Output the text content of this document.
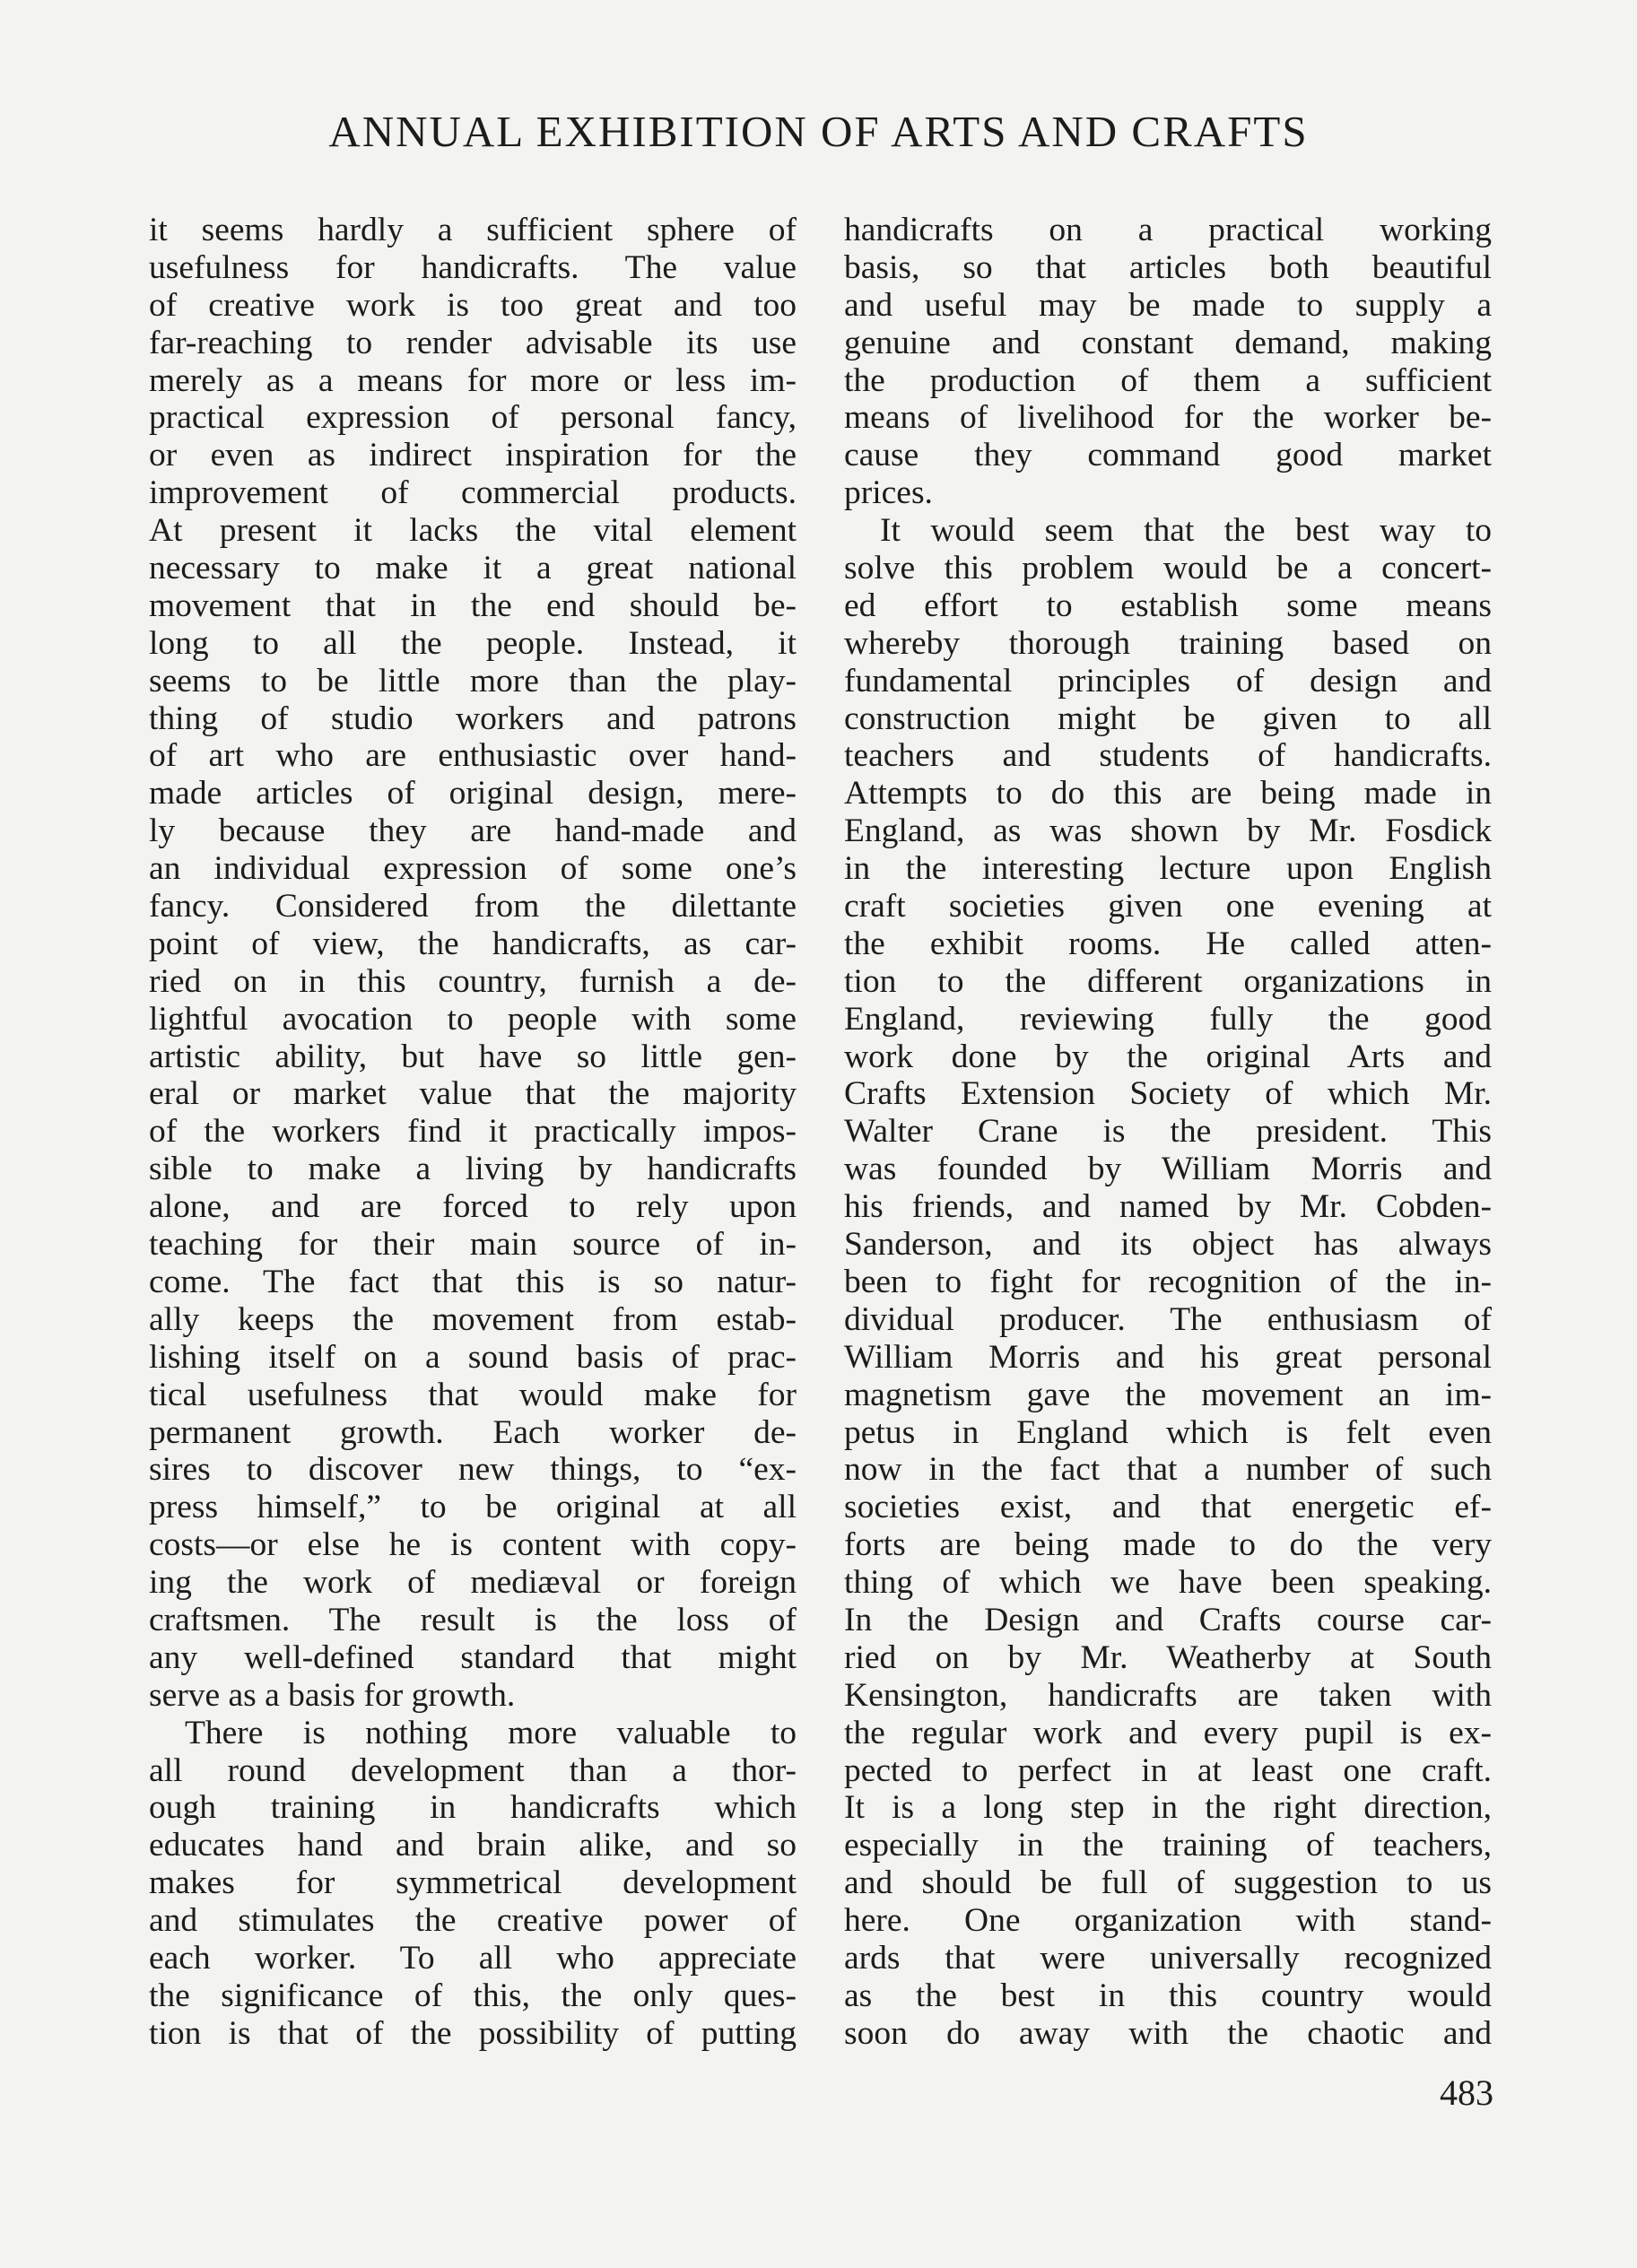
ANNUAL EXHIBITION OF ARTS AND CRAFTS
it seems hardly a sufficient sphere of
usefulness for handicrafts. The value
of creative work is too great and too
far-reaching to render advisable its use
merely as a means for more or less im-
practical expression of personal fancy,
or even as indirect inspiration for the
improvement of commercial products.
At present it lacks the vital element
necessary to make it a great national
movement that in the end should be-
long to all the people. Instead, it
seems to be little more than the play-
thing of studio workers and patrons
of art who are enthusiastic over hand-
made articles of original design, mere-
ly because they are hand-made and
an individual expression of some one’s
fancy. Considered from the dilettante
point of view, the handicrafts, as car-
ried on in this country, furnish a de-
lightful avocation to people with some
artistic ability, but have so little gen-
eral or market value that the majority
of the workers find it practically impos-
sible to make a living by handicrafts
alone, and are forced to rely upon
teaching for their main source of in-
come. The fact that this is so natur-
ally keeps the movement from estab-
lishing itself on a sound basis of prac-
tical usefulness that would make for
permanent growth. Each worker de-
sires to discover new things, to “ex-
press himself,” to be original at all
costs—or else he is content with copy-
ing the work of mediæval or foreign
craftsmen. The result is the loss of
any well-defined standard that might
serve as a basis for growth.
There is nothing more valuable to
all round development than a thor-
ough training in handicrafts which
educates hand and brain alike, and so
makes for symmetrical development
and stimulates the creative power of
each worker. To all who appreciate
the significance of this, the only ques-
tion is that of the possibility of putting
handicrafts on a practical working
basis, so that articles both beautiful
and useful may be made to supply a
genuine and constant demand, making
the production of them a sufficient
means of livelihood for the worker be-
cause they command good market
prices.
It would seem that the best way to
solve this problem would be a concert-
ed effort to establish some means
whereby thorough training based on
fundamental principles of design and
construction might be given to all
teachers and students of handicrafts.
Attempts to do this are being made in
England, as was shown by Mr. Fosdick
in the interesting lecture upon English
craft societies given one evening at
the exhibit rooms. He called atten-
tion to the different organizations in
England, reviewing fully the good
work done by the original Arts and
Crafts Extension Society of which Mr.
Walter Crane is the president. This
was founded by William Morris and
his friends, and named by Mr. Cobden-
Sanderson, and its object has always
been to fight for recognition of the in-
dividual producer. The enthusiasm of
William Morris and his great personal
magnetism gave the movement an im-
petus in England which is felt even
now in the fact that a number of such
societies exist, and that energetic ef-
forts are being made to do the very
thing of which we have been speaking.
In the Design and Crafts course car-
ried on by Mr. Weatherby at South
Kensington, handicrafts are taken with
the regular work and every pupil is ex-
pected to perfect in at least one craft.
It is a long step in the right direction,
especially in the training of teachers,
and should be full of suggestion to us
here. One organization with stand-
ards that were universally recognized
as the best in this country would
soon do away with the chaotic and
483
